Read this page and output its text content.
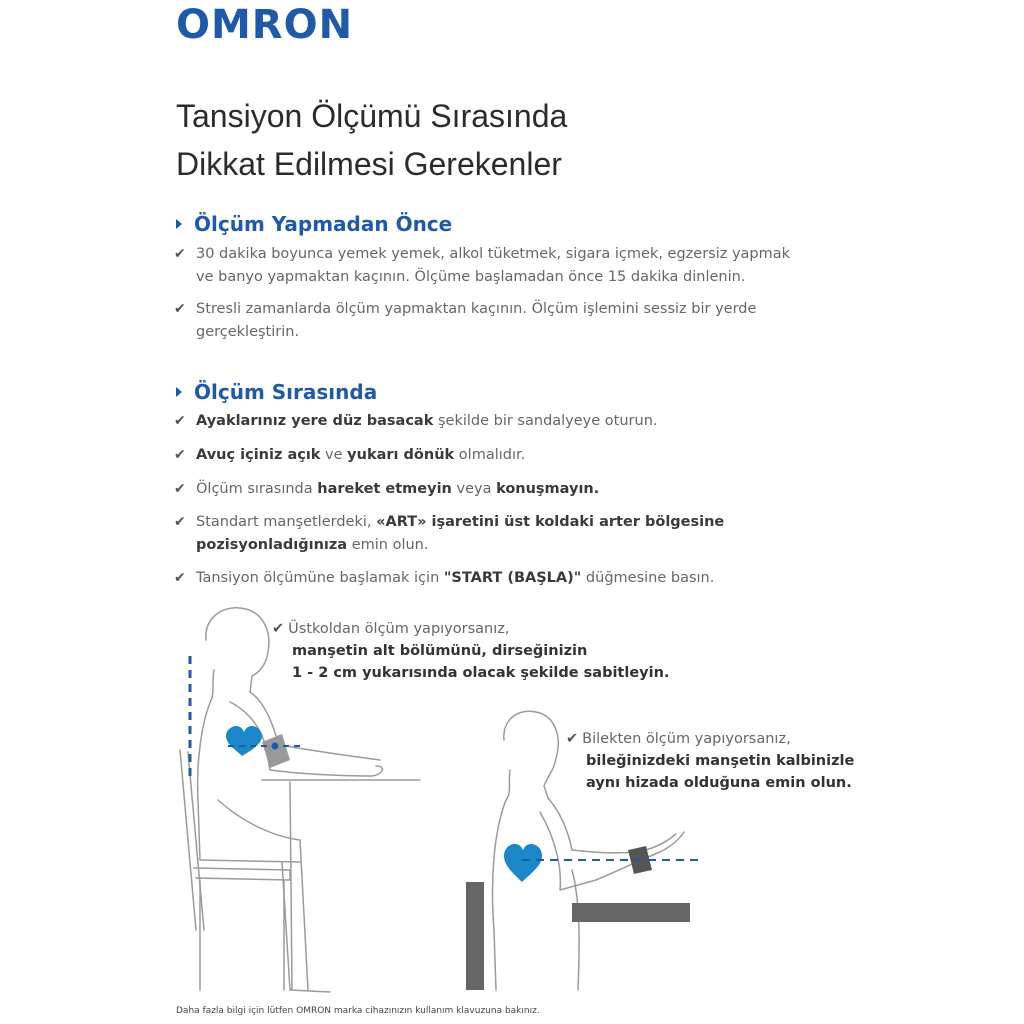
OMRON
Tansiyon Ölçümü Sırasında
Dikkat Edilmesi Gerekenler
Ölçüm Yapmadan Önce
✔ 30 dakika boyunca yemek yemek, alkol tüketmek, sigara içmek, egzersiz yapmak
ve banyo yapmaktan kaçının. Ölçüme başlamadan önce 15 dakika dinlenin.
✔ Stresli zamanlarda ölçüm yapmaktan kaçının. Ölçüm işlemini sessiz bir yerde
gerçekleştirin.
Ölçüm Sırasında
✔ Ayaklarınız yere düz basacak şekilde bir sandalyeye oturun.
✔ Avuç içiniz açık ve yukarı dönük olmalıdır.
✔ Ölçüm sırasında hareket etmeyin veya konuşmayın.
✔ Standart manşetlerdeki, «ART» işaretini üst koldaki arter bölgesine
pozisyonladığınıza emin olun.
✔ Tansiyon ölçümüne başlamak için "START (BAŞLA)" düğmesine basın.
✔ Üstkoldan ölçüm yapıyorsanız,
manşetin alt bölümünü, dirseğinizin
1 - 2 cm yukarısında olacak şekilde sabitleyin.
✔ Bilekten ölçüm yapıyorsanız,
bileğinizdeki manşetin kalbinizle
aynı hizada olduğuna emin olun.
Daha fazla bilgi için lütfen OMRON marka cihazınızın kullanım klavuzuna bakınız.
